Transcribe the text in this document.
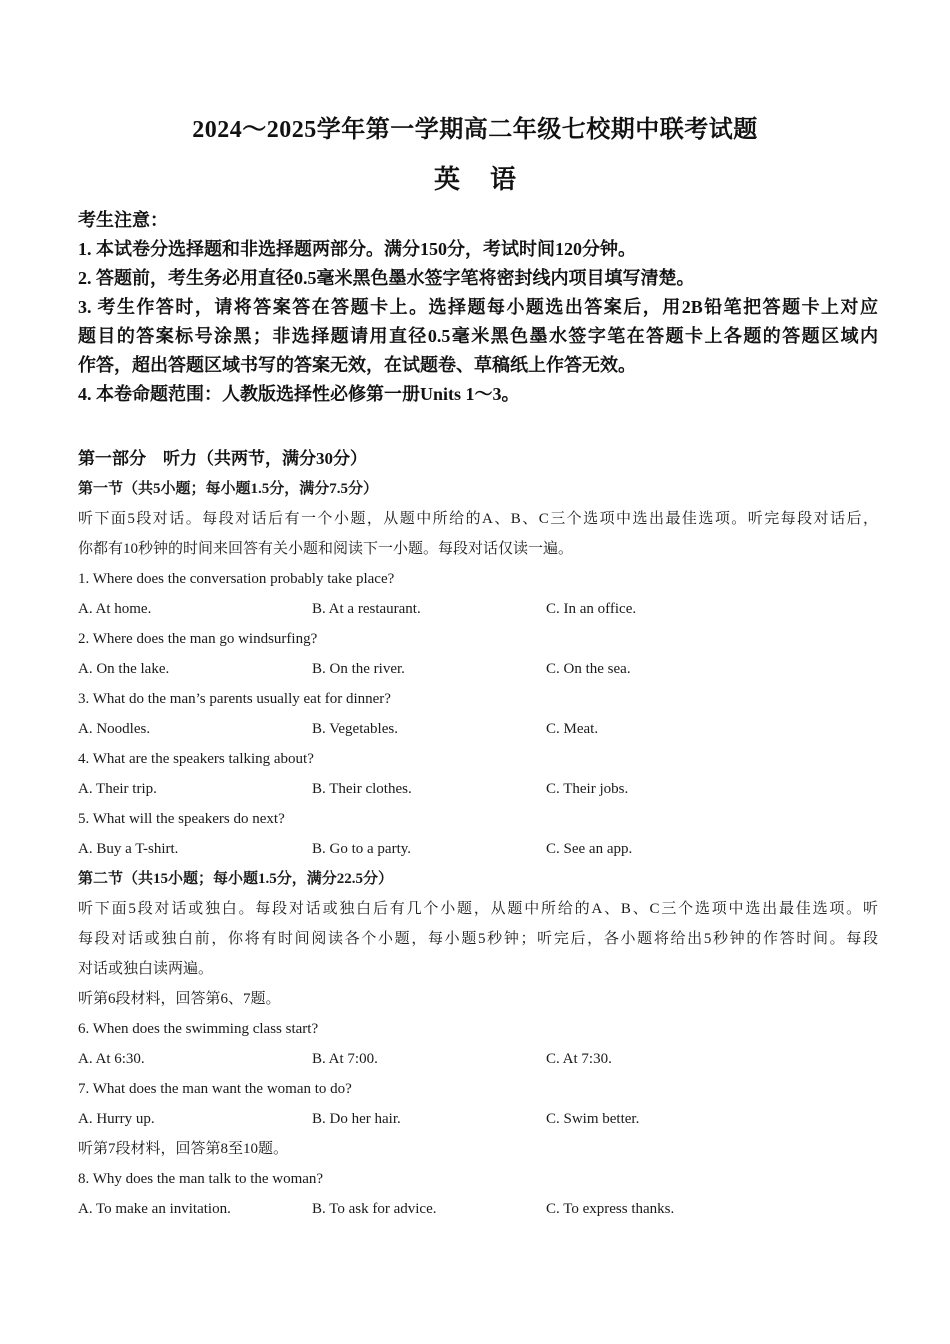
2024～2025学年第一学期高二年级七校期中联考试题
英语
考生注意：
1. 本试卷分选择题和非选择题两部分。满分150分，考试时间120分钟。
2. 答题前，考生务必用直径0.5毫米黑色墨水签字笔将密封线内项目填写清楚。
3. 考生作答时，请将答案答在答题卡上。选择题每小题选出答案后，用2B铅笔把答题卡上对应
题目的答案标号涂黑；非选择题请用直径0.5毫米黑色墨水签字笔在答题卡上各题的答题区域内
作答，超出答题区域书写的答案无效，在试题卷、草稿纸上作答无效。
4. 本卷命题范围：人教版选择性必修第一册Units 1～3。
第一部分    听力（共两节，满分30分）
第一节（共5小题；每小题1.5分，满分7.5分）
听下面5段对话。每段对话后有一个小题，从题中所给的A、B、C三个选项中选出最佳选项。听完每段对话后，
你都有10秒钟的时间来回答有关小题和阅读下一小题。每段对话仅读一遍。
1. Where does the conversation probably take place?
A. At home.	B. At a restaurant.	C. In an office.
2. Where does the man go windsurfing?
A. On the lake.	B. On the river.	C. On the sea.
3. What do the man’s parents usually eat for dinner?
A. Noodles.	B. Vegetables.	C. Meat.
4. What are the speakers talking about?
A. Their trip.	B. Their clothes.	C. Their jobs.
5. What will the speakers do next?
A. Buy a T-shirt.	B. Go to a party.	C. See an app.
第二节（共15小题；每小题1.5分，满分22.5分）
听下面5段对话或独白。每段对话或独白后有几个小题，从题中所给的A、B、C三个选项中选出最佳选项。听
每段对话或独白前，你将有时间阅读各个小题，每小题5秒钟；听完后，各小题将给出5秒钟的作答时间。每段
对话或独白读两遍。
听第6段材料，回答第6、7题。
6. When does the swimming class start?
A. At 6:30.	B. At 7:00.	C. At 7:30.
7. What does the man want the woman to do?
A. Hurry up.	B. Do her hair.	C. Swim better.
听第7段材料，回答第8至10题。
8. Why does the man talk to the woman?
A. To make an invitation.	B. To ask for advice.	C. To express thanks.
